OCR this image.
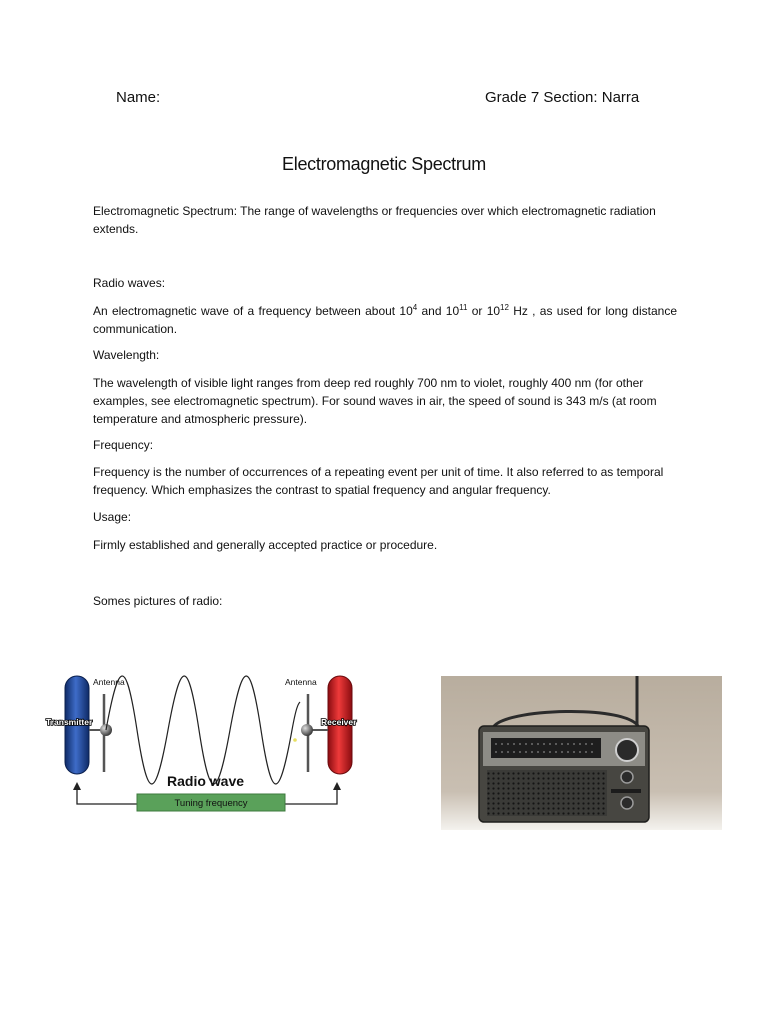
Name:	Grade 7 Section: Narra
Electromagnetic Spectrum
Electromagnetic Spectrum: The range of wavelengths or frequencies over which electromagnetic radiation extends.
Radio waves:
An electromagnetic wave of a frequency between about $10^4$ and $10^{11}$ or $10^{12}$ Hz , as used for long distance communication.
Wavelength:
The wavelength of visible light ranges from deep red roughly 700 nm to violet, roughly 400 nm (for other examples, see electromagnetic spectrum). For sound waves in air, the speed of sound is 343 m/s (at room temperature and atmospheric pressure).
Frequency:
Frequency is the number of occurrences of a repeating event per unit of time. It also referred to as temporal frequency. Which emphasizes the contrast to spatial frequency and angular frequency.
Usage:
Firmly established and generally accepted practice or procedure.
Somes pictures of radio:
Antenna	Antenna
Transmitter	Receiver
Radio wave
Tuning frequency
